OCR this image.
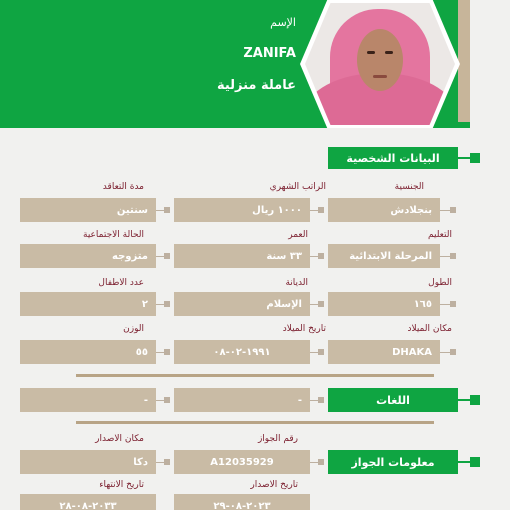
الإسم
ZANIFA
عاملة منزلية
البيانات الشخصية
الجنسية
بنجلادش
الراتب الشهري
١٠٠٠ ريال
مدة التعاقد
سنتين
التعليم
المرحلة الابتدائية
العمر
٣٣ سنة
الحالة الاجتماعية
متزوجه
الطول
١٦٥
الديانة
الإسلام
عدد الاطفال
٢
مكان الميلاد
DHAKA
تاريخ الميلاد
١٩٩١-٠٢-٠٨
الوزن
٥٥
اللغات
-
-
معلومات الجواز
رقم الجواز
A12035929
مكان الاصدار
دكا
تاريخ الاصدار
٢٠٢٣-٠٨-٢٩
تاريخ الانتهاء
٢٠٣٣-٠٨-٢٨
